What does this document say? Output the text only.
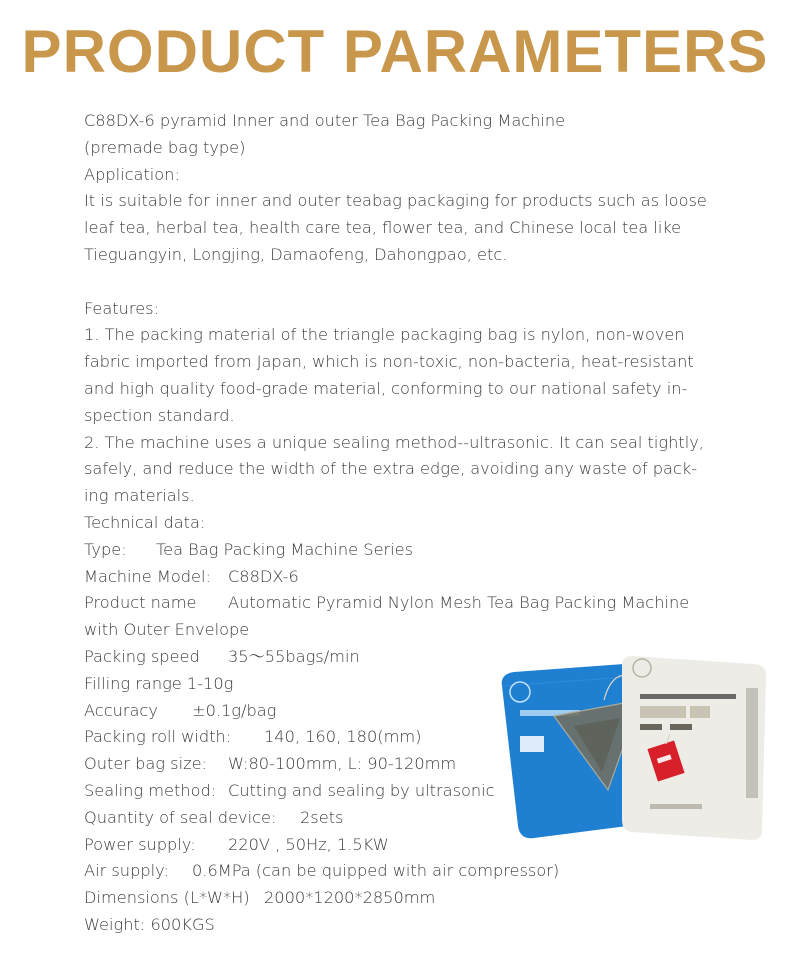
PRODUCT PARAMETERS
C88DX-6 pyramid Inner and outer Tea Bag Packing Machine
(premade bag type)
Application:
It is suitable for inner and outer teabag packaging for products such as loose
leaf tea, herbal tea, health care tea, flower tea, and Chinese local tea like
Tieguangyin, Longjing, Damaofeng, Dahongpao, etc.
Features:
1. The packing material of the triangle packaging bag is nylon, non-woven
fabric imported from Japan, which is non-toxic, non-bacteria, heat-resistant
and high quality food-grade material, conforming to our national safety in-
spection standard.
2. The machine uses a unique sealing method--ultrasonic. It can seal tightly,
safely, and reduce the width of the extra edge, avoiding any waste of pack-
ing materials.
Technical data:
Type: Tea Bag Packing Machine Series
Machine Model: C88DX-6
Product name Automatic Pyramid Nylon Mesh Tea Bag Packing Machine
with Outer Envelope
Packing speed 35～55bags/min
Filling range 1-10g
Accuracy ±0.1g/bag
Packing roll width: 140, 160, 180(mm)
Outer bag size: W:80-100mm, L: 90-120mm
Sealing method: Cutting and sealing by ultrasonic
Quantity of seal device: 2sets
Power supply: 220V , 50Hz, 1.5KW
Air supply: 0.6MPa (can be quipped with air compressor)
Dimensions (L*W*H) 2000*1200*2850mm
Weight: 600KGS
